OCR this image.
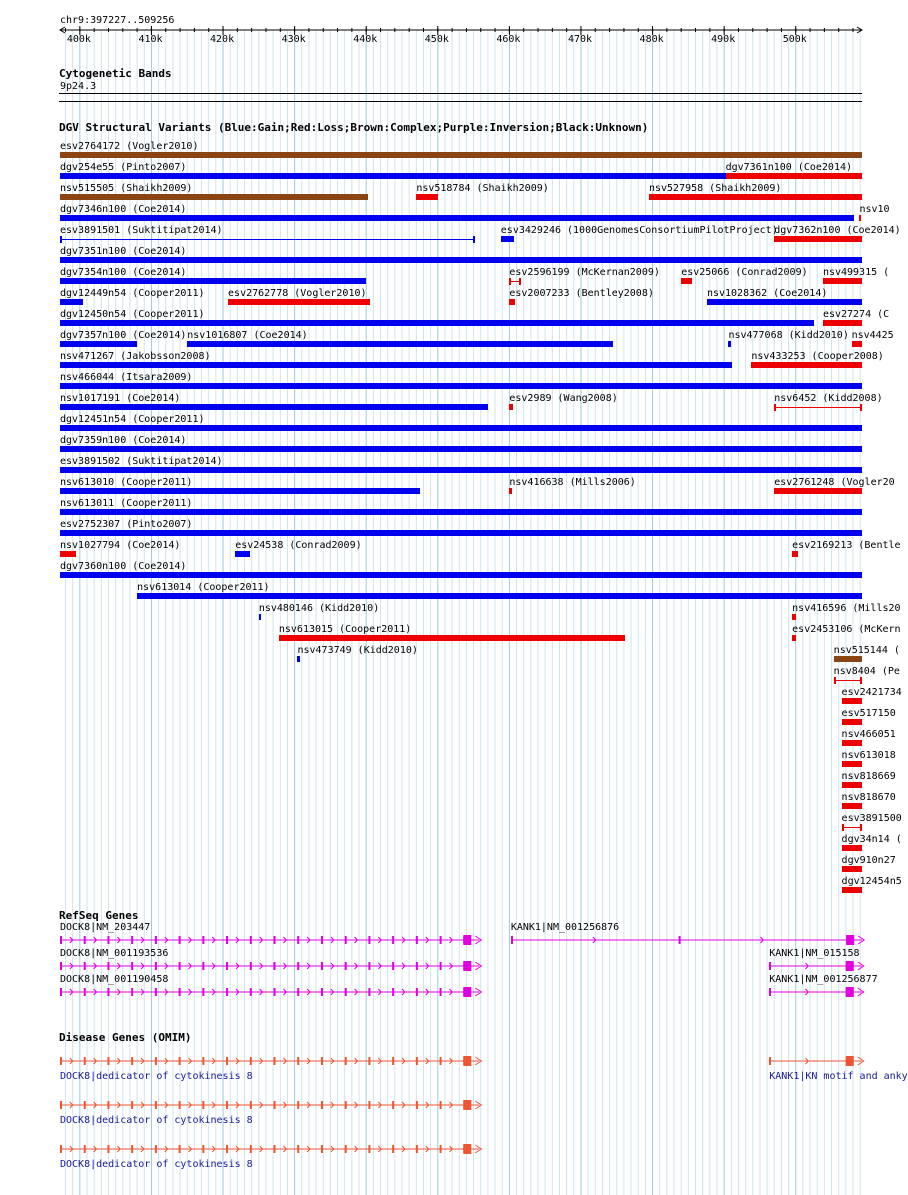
chr9:397227..509256
400k	410k	420k	430k	440k	450k	460k	470k	480k	490k	500k
Cytogenetic Bands
9p24.3
DGV Structural Variants (Blue:Gain;Red:Loss;Brown:Complex;Purple:Inversion;Black:Unknown)
esv2764172 (Vogler2010)
dgv254e55 (Pinto2007)	dgv7361n100 (Coe2014)
nsv515505 (Shaikh2009)	nsv518784 (Shaikh2009)	nsv527958 (Shaikh2009)
dgv7346n100 (Coe2014)	nsv10
esv3891501 (Suktitipat2014)	esv3429246 (1000GenomesConsortiumPilotProject)
dgv7362n100 (Coe2014)
dgv7351n100 (Coe2014)
dgv7354n100 (Coe2014)	esv2596199 (McKernan2009) esv25066 (Conrad2009) nsv499315 (
dgv12449n54 (Cooper2011) esv2762778 (Vogler2010)	esv2007233 (Bentley2008)	nsv1028362 (Coe2014)
dgv12450n54 (Cooper2011)	esv27274 (C
dgv7357n100 (Coe2014) nsv1016807 (Coe2014)	nsv477068 (Kidd2010) nsv4425
nsv471267 (Jakobsson2008)	nsv433253 (Cooper2008)
nsv466044 (Itsara2009)
nsv1017191 (Coe2014)	esv2989 (Wang2008)	nsv6452 (Kidd2008)
dgv12451n54 (Cooper2011)
dgv7359n100 (Coe2014)
esv3891502 (Suktitipat2014)
nsv613010 (Cooper2011)	nsv416638 (Mills2006)	esv2761248 (Vogler20
nsv613011 (Cooper2011)
esv2752307 (Pinto2007)
nsv1027794 (Coe2014)	esv24538 (Conrad2009)	esv2169213 (Bentle
dgv7360n100 (Coe2014)
nsv613014 (Cooper2011)
nsv480146 (Kidd2010)	nsv416596 (Mills20
nsv613015 (Cooper2011)	esv2453106 (McKern
nsv473749 (Kidd2010)	nsv515144 (
nsv8404 (Pe
esv2421734
esv517150
nsv466051
nsv613018
nsv818669
nsv818670
esv3891500
dgv34n14 (
dgv910n27
dgv12454n5
RefSeq Genes
DOCK8|NM_203447	KANK1|NM_001256876
DOCK8|NM_001193536	KANK1|NM_015158
DOCK8|NM_001190458	KANK1|NM_001256877
Disease Genes (OMIM)
DOCK8|dedicator of cytokinesis 8	KANK1|KN motif and anky
DOCK8|dedicator of cytokinesis 8
DOCK8|dedicator of cytokinesis 8
